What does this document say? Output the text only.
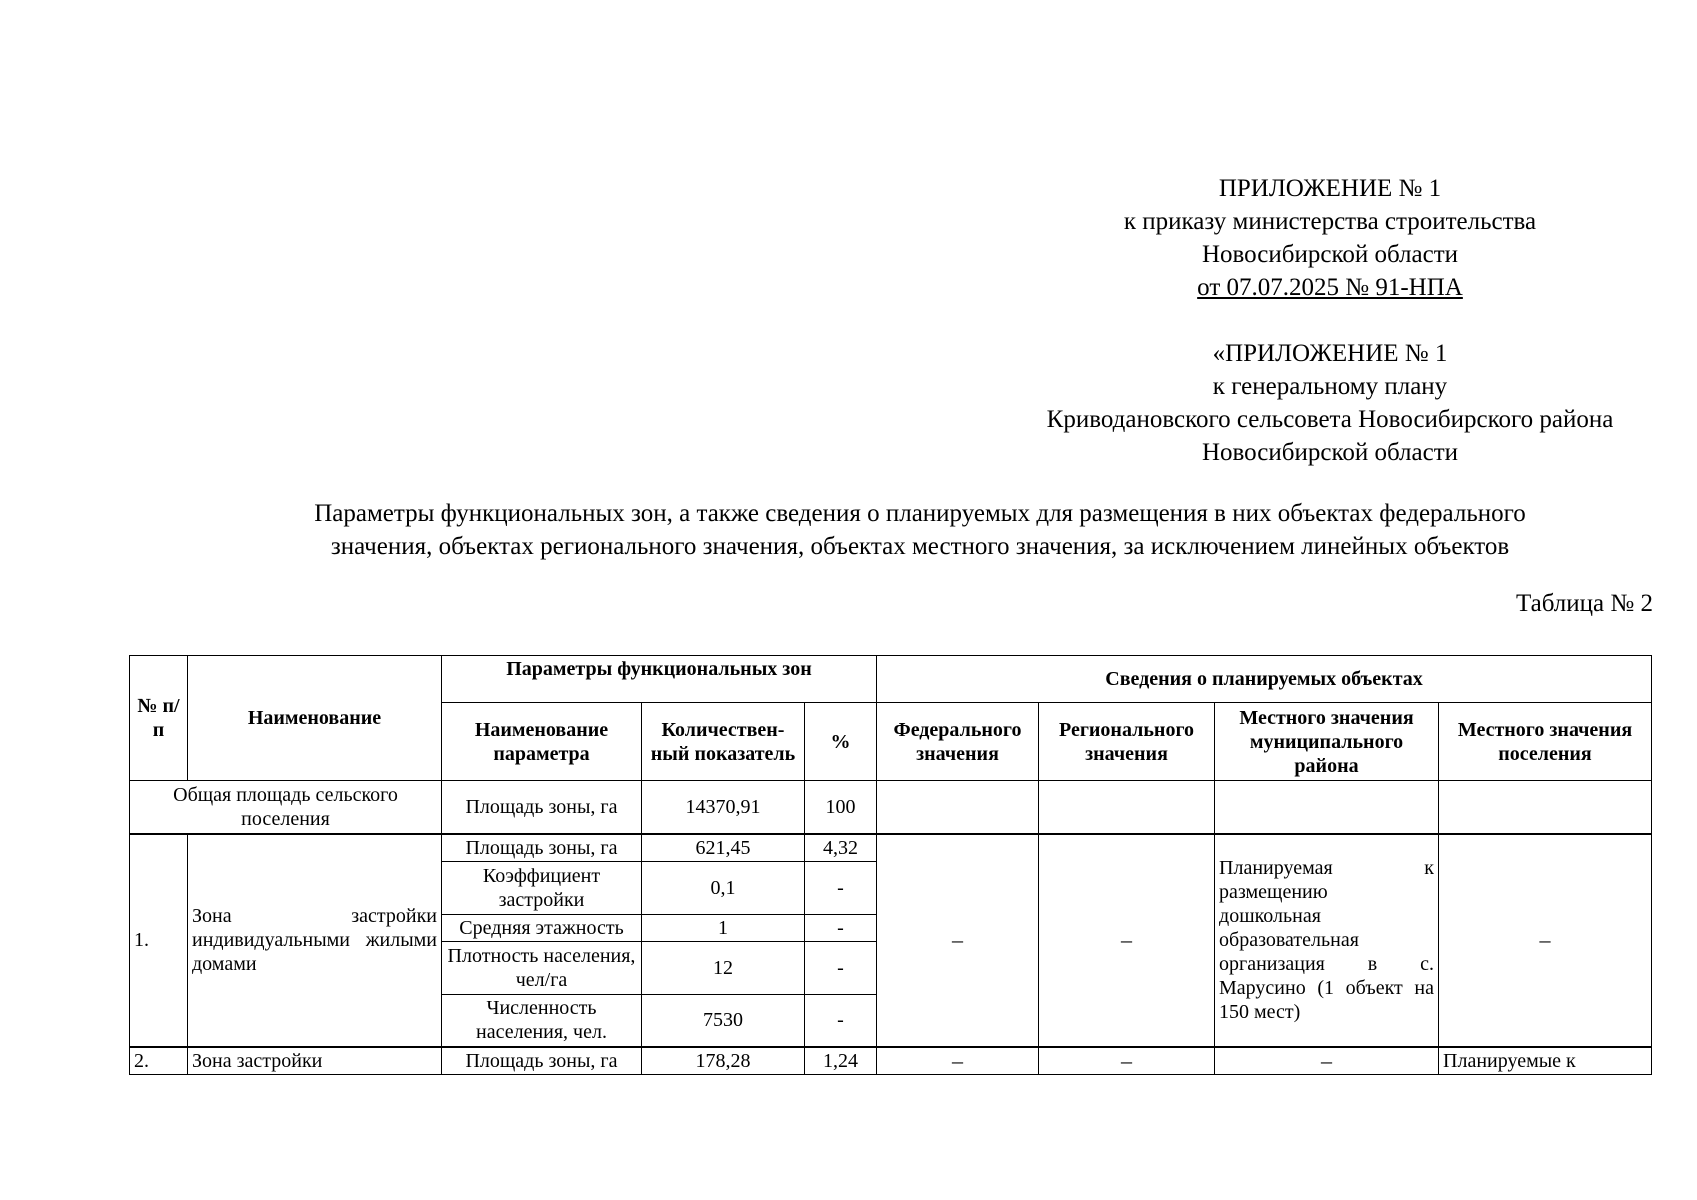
ПРИЛОЖЕНИЕ № 1
к приказу министерства строительства
Новосибирской области
от 07.07.2025 № 91-НПА
«ПРИЛОЖЕНИЕ № 1
к генеральному плану
Криводановского сельсовета Новосибирского района
Новосибирской области
Параметры функциональных зон, а также сведения о планируемых для размещения в них объектах федерального
значения, объектах регионального значения, объектах местного значения, за исключением линейных объектов
Таблица № 2
№ п/п	Наименование	Параметры функциональных зон			Сведения о планируемых объектах			
		Наименование параметра	Количествен-ный показатель	%	Федерального значения	Регионального значения	Местного значения муниципального района	Местного значения поселения
Общая площадь сельского поселения		Площадь зоны, га	14370,91	100				
1.	Зона застройки индивидуальными жилыми домами	Площадь зоны, га	621,45	4,32	–	–	Планируемая к размещению дошкольная образовательная организация в с. Марусино (1 объект на 150 мест)	–
		Коэффициент застройки	0,1	-				
		Средняя этажность	1	-				
		Плотность населения, чел/га	12	-				
		Численность населения, чел.	7530	-				
2.	Зона застройки	Площадь зоны, га	178,28	1,24	–	–	–	Планируемые к
